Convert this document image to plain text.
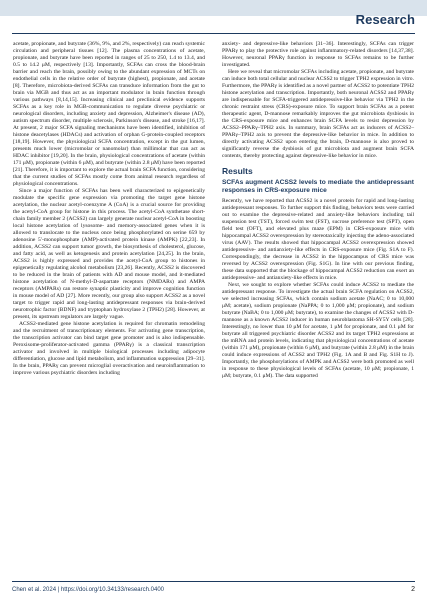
Research

acetate, propionate, and butyrate (36%, 9%, and 2%, respectively) can reach systemic circulation and peripheral tissues [12]. The plasma concentrations of acetate, propionate, and butyrate have been reported in ranges of 25 to 250, 1.4 to 13.4, and 0.5 to 14.2 μM, respectively [13]. Importantly, SCFAs can cross the blood-brain barrier and reach the brain, possibly owing to the abundant expression of MCTs on endothelial cells in the relative order of butyrate (highest), propionate, and acetate [8]. Therefore, microbiota-derived SCFAs can transduce information from the gut to brain via MGB and thus act as an important modulator in brain function through various pathways [8,14,15]. Increasing clinical and preclinical evidence supports SCFAs as a key role in MGB-communication to regulate diverse psychiatric or neurological disorders, including anxiety and depression, Alzheimer's disease (AD), autism spectrum disorder, multiple sclerosis, Parkinson's disease, and stroke [16,17]. At present, 2 major SCFA signaling mechanisms have been identified, inhibition of histone deacetylases (HDACs) and activation of orphan G-protein-coupled receptors [18,19]. However, the physiological SCFA concentration, except in the gut lumen, presents much lower (micromolar or nanomolar) than millimolar that can act as HDAC inhibitor [19,20]. In the brain, physiological concentrations of acetate (within 171 μM), propionate (within 6 μM), and butyrate (within 2.8 μM) have been reported [21]. Therefore, it is important to explore the actual brain SCFA function, considering that the current studies of SCFAs mostly come from animal research regardless of physiological concentrations.

Since a major function of SCFAs has been well characterized to epigenetically modulate the specific gene expression via promoting the target gene histone acetylation, the nuclear acetyl-coenzyme A (CoA) is a crucial source for providing the acetyl-CoA group for histone in this process. The acetyl-CoA synthetase short-chain family member 2 (ACSS2) can largely generate nuclear acetyl-CoA in boosting local histone acetylation of lysosome- and memory-associated genes when it is allowed to translocate to the nucleus once being phosphorylated on serine 659 by adenosine 5′-monophosphate (AMP)-activated protein kinase (AMPK) [22,23]. In addition, ACSS2 can support tumor growth, the biosynthesis of cholesterol, glucose, and fatty acid, as well as ketogenesis and protein acetylation [24,25]. In the brain, ACSS2 is highly expressed and provides the acetyl-CoA group to histones in epigenetically regulating alcohol metabolism [23,26]. Recently, ACSS2 is discovered to be reduced in the brain of patients with AD and mouse model, and it-mediated histone acetylation of N-methyl-D-aspartate receptors (NMDARs) and AMPA receptors (AMPARs) can restore synaptic plasticity and improve cognition function in mouse model of AD [27]. More recently, our group also support ACSS2 as a novel target to trigger rapid and long-lasting antidepressant responses via brain-derived neurotrophic factor (BDNF) and tryptophan hydroxylase 2 (TPH2) [28]. However, at present, its upstream regulators are largely vague.

ACSS2-mediated gene histone acetylation is required for chromatin remodeling and the recruitment of transcriptionary elements. For activating gene transcription, the transcription activator can bind target gene promoter and is also indispensable. Peroxisome-proliferator-activated gamma (PPARγ) is a classical transcription activator and involved in multiple biological processes including adipocyte differentiation, glucose and lipid metabolism, and inflammation suppression [29–31]. In the brain, PPARγ can prevent microglial overactivation and neuroinflammation to improve various psychiatric disorders including

anxiety- and depressive-like behaviors [31–36]. Interestingly, SCFAs can trigger PPARγ to play the protective role against inflammatory-related disorders [14,37,38]. However, neuronal PPARγ function in response to SCFAs remains to be further investigated.

Here we reveal that micromolar SCFAs including acetate, propionate, and butyrate can induce both total cellular and nuclear ACSS2 to trigger TPH2 expression in vitro. Furthermore, the PPARγ is identified as a novel partner of ACSS2 to potentiate TPH2 histone acetylation and transcription. Importantly, both neuronal ACSS2 and PPARγ are indispensable for SCFA-triggered antidepressive-like behavior via TPH2 in the chronic restraint stress (CRS)-exposure mice. To support brain SCFAs as a potent therapeutic agent, D-mannose remarkably improves the gut microbiota dysbiosis in the CRS-exposure mice and enhances brain SCFA levels to resist depression by ACSS2–PPARγ–TPH2 axis. In summary, brain SCFAs act as inducers of ACSS2–PPARγ–TPH2 axis to prevent the depressive-like behavior in mice. In addition to directly activating ACSS2 upon entering the brain, D-mannose is also proved to significantly reverse the dysbiosis of gut microbiota and augment brain SCFA contents, thereby protecting against depressive-like behavior in mice.

Results
SCFAs augment ACSS2 levels to mediate the antidepressant responses in CRS-exposure mice

Recently, we have reported that ACSS2 is a novel protein for rapid and long-lasting antidepressant responses. To further support this finding, behaviors tests were carried out to examine the depressive-related and anxiety-like behaviors including tail suspension test (TST), forced swim test (FST), sucrose preference test (SPT), open field test (OFT), and elevated plus maze (EPM) in CRS-exposure mice with hippocampal ACSS2 overexpression by stereotaxically injecting the adeno-associated virus (AAV). The results showed that hippocampal ACSS2 overexpression showed antidepressive- and antianxiety-like effects in CRS-exposure mice (Fig. S1A to F). Correspondingly, the decrease in ACSS2 in the hippocampus of CRS mice was reversed by ACSS2 overexpression (Fig. S1G). In line with our previous finding, these data supported that the blockage of hippocampal ACSS2 reduction can exert an antidepressive- and antianxiety-like effects in mice.

Next, we sought to explore whether SCFAs could induce ACSS2 to mediate the antidepressant response. To investigate the actual brain SCFA regulation on ACSS2, we selected increasing SCFAs, which contain sodium acetate (NaAC; 0 to 10,000 μM; acetate), sodium propionate (NaPPA; 0 to 1,000 μM; propionate), and sodium butyrate (NaBA; 0 to 1,000 μM; butyrate), to examine the changes of ACSS2 with D-mannose as a known ACSS2 inducer in human neuroblastoma SH-SY5Y cells [28]. Interestingly, no lower than 10 μM for acetate, 1 μM for propionate, and 0.1 μM for butyrate all triggered psychiatric disorder ACSS2 and its target TPH2 expressions at the mRNA and protein levels, indicating that physiological concentrations of acetate (within 171 μM), propionate (within 6 μM), and butyrate (within 2.8 μM) in the brain could induce expressions of ACSS2 and TPH2 (Fig. 1A and B and Fig. S1H to J). Importantly, the phosphorylations of AMPK and ACSS2 were both promoted as well in response to these physiological levels of SCFAs (acetate, 10 μM; propionate, 1 μM; butyrate, 0.1 μM). The data supported

Chen et al. 2024 | https://doi.org/10.34133/research.0400	2
